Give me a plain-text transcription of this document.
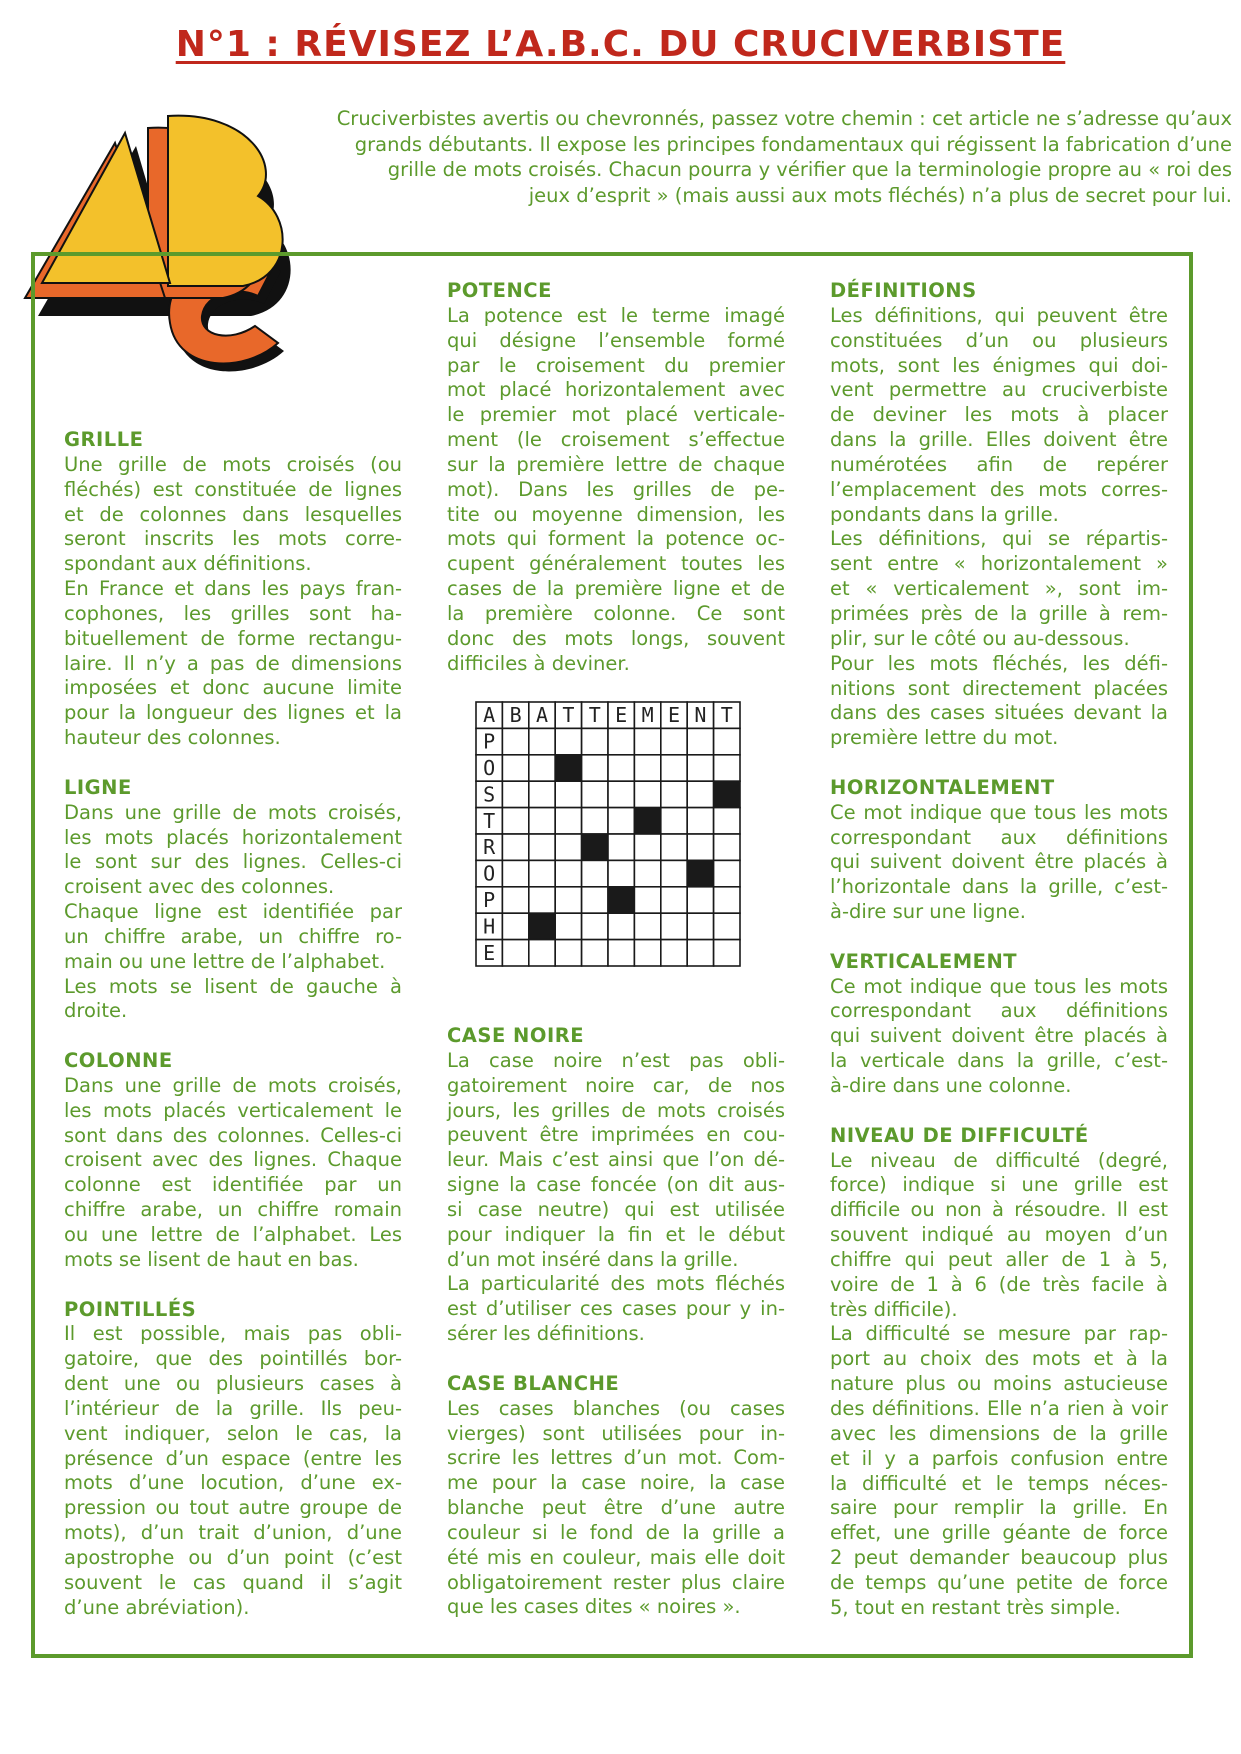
N°1 : RÉVISEZ L’A.B.C. DU CRUCIVERBISTE

Cruciverbistes avertis ou chevronnés, passez votre chemin : cet article ne s’adresse qu’aux
grands débutants. Il expose les principes fondamentaux qui régissent la fabrication d’une
grille de mots croisés. Chacun pourra y vérifier que la terminologie propre au « roi des
jeux d’esprit » (mais aussi aux mots fléchés) n’a plus de secret pour lui.

GRILLE

Une grille de mots croisés (ou
fléchés) est constituée de lignes
et de colonnes dans lesquelles
seront inscrits les mots corre-
spondant aux définitions.
En France et dans les pays fran-
cophones, les grilles sont ha-
bituellement de forme rectangu-
laire. Il n’y a pas de dimensions
imposées et donc aucune limite
pour la longueur des lignes et la
hauteur des colonnes.

LIGNE

Dans une grille de mots croisés,
les mots placés horizontalement
le sont sur des lignes. Celles-ci
croisent avec des colonnes.
Chaque ligne est identifiée par
un chiffre arabe, un chiffre ro-
main ou une lettre de l’alphabet.
Les mots se lisent de gauche à
droite.

COLONNE

Dans une grille de mots croisés,
les mots placés verticalement le
sont dans des colonnes. Celles-ci
croisent avec des lignes. Chaque
colonne est identifiée par un
chiffre arabe, un chiffre romain
ou une lettre de l’alphabet. Les
mots se lisent de haut en bas.

POINTILLÉS

Il est possible, mais pas obli-
gatoire, que des pointillés bor-
dent une ou plusieurs cases à
l’intérieur de la grille. Ils peu-
vent indiquer, selon le cas, la
présence d’un espace (entre les
mots d’une locution, d’une ex-
pression ou tout autre groupe de
mots), d’un trait d’union, d’une
apostrophe ou d’un point (c’est
souvent le cas quand il s’agit
d’une abréviation).

POTENCE

La potence est le terme imagé
qui désigne l’ensemble formé
par le croisement du premier
mot placé horizontalement avec
le premier mot placé verticale-
ment (le croisement s’effectue
sur la première lettre de chaque
mot). Dans les grilles de pe-
tite ou moyenne dimension, les
mots qui forment la potence oc-
cupent généralement toutes les
cases de la première ligne et de
la première colonne. Ce sont
donc des mots longs, souvent
difficiles à deviner.

A B A T T E M E N T
P
O
S
T
R
O
P
H
E
CASE NOIRE

La case noire n’est pas obli-
gatoirement noire car, de nos
jours, les grilles de mots croisés
peuvent être imprimées en cou-
leur. Mais c’est ainsi que l’on dé-
signe la case foncée (on dit aus-
si case neutre) qui est utilisée
pour indiquer la fin et le début
d’un mot inséré dans la grille.
La particularité des mots fléchés
est d’utiliser ces cases pour y in-
sérer les définitions.

CASE BLANCHE

Les cases blanches (ou cases
vierges) sont utilisées pour in-
scrire les lettres d’un mot. Com-
me pour la case noire, la case
blanche peut être d’une autre
couleur si le fond de la grille a
été mis en couleur, mais elle doit
obligatoirement rester plus claire
que les cases dites « noires ».

DÉFINITIONS

Les définitions, qui peuvent être
constituées d’un ou plusieurs
mots, sont les énigmes qui doi-
vent permettre au cruciverbiste
de deviner les mots à placer
dans la grille. Elles doivent être
numérotées afin de repérer
l’emplacement des mots corres-
pondants dans la grille.
Les définitions, qui se répartis-
sent entre « horizontalement »
et « verticalement », sont im-
primées près de la grille à rem-
plir, sur le côté ou au-dessous.
Pour les mots fléchés, les défi-
nitions sont directement placées
dans des cases situées devant la
première lettre du mot.

HORIZONTALEMENT

Ce mot indique que tous les mots
correspondant aux définitions
qui suivent doivent être placés à
l’horizontale dans la grille, c’est-
à-dire sur une ligne.

VERTICALEMENT

Ce mot indique que tous les mots
correspondant aux définitions
qui suivent doivent être placés à
la verticale dans la grille, c’est-
à-dire dans une colonne.

NIVEAU DE DIFFICULTÉ

Le niveau de difficulté (degré,
force) indique si une grille est
difficile ou non à résoudre. Il est
souvent indiqué au moyen d’un
chiffre qui peut aller de 1 à 5,
voire de 1 à 6 (de très facile à
très difficile).
La difficulté se mesure par rap-
port au choix des mots et à la
nature plus ou moins astucieuse
des définitions. Elle n’a rien à voir
avec les dimensions de la grille
et il y a parfois confusion entre
la difficulté et le temps néces-
saire pour remplir la grille. En
effet, une grille géante de force
2 peut demander beaucoup plus
de temps qu’une petite de force
5, tout en restant très simple.
